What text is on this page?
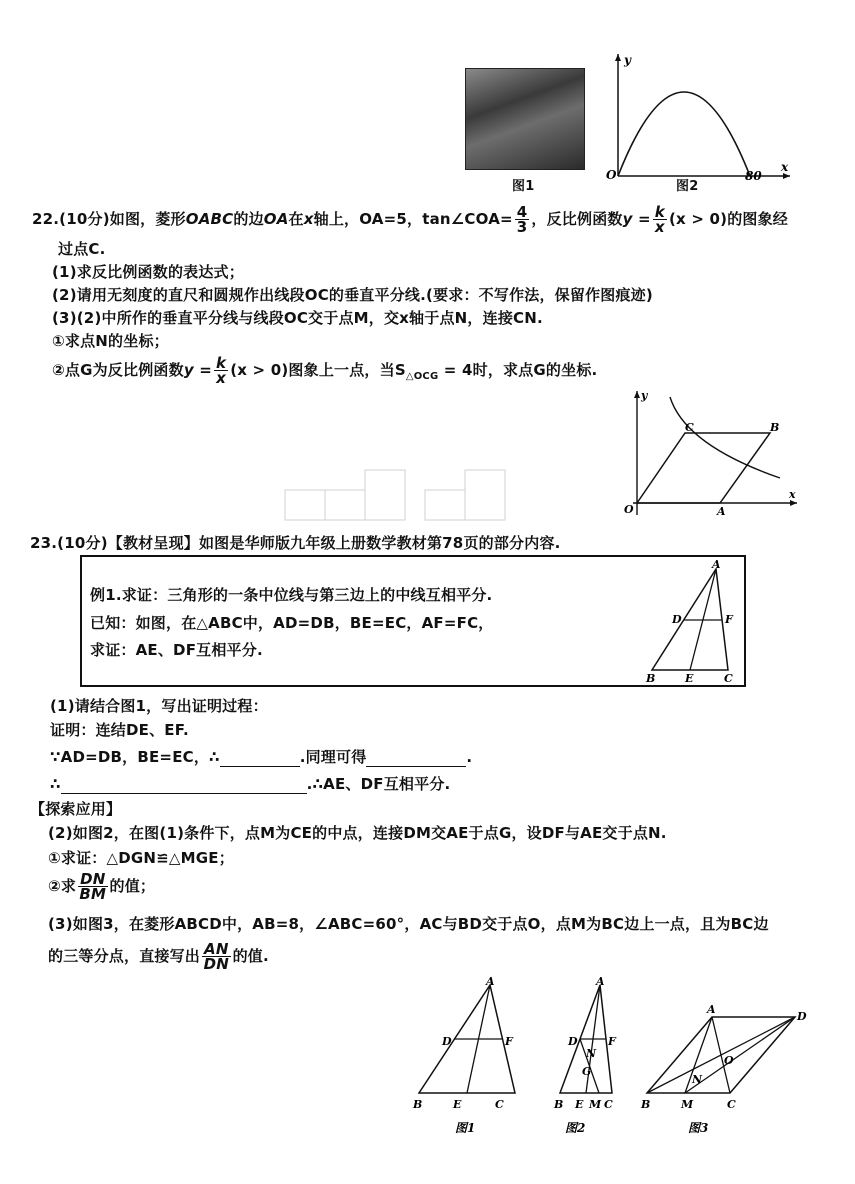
图1
y
x
O	80
图2
22.(10分)如图，菱形OABC的边OA在x轴上，OA=5，tan∠COA= $\frac{4}{3}$ ，反比例函数$y = \frac{k}{x} (x > 0)$的图象经
过点C.
(1)求反比例函数的表达式；
(2)请用无刻度的直尺和圆规作出线段OC的垂直平分线.(要求：不写作法，保留作图痕迹)
(3)(2)中所作的垂直平分线与线段OC交于点M，交x轴于点N，连接CN.
①求点N的坐标；
②点G为反比例函数$y = \frac{k}{x} (x > 0)$图象上一点，当$S_{\triangle OCG} = 4$时，求点G的坐标.
y
x
O	A
B
C
23.(10分)【教材呈现】如图是华师版九年级上册数学教材第78页的部分内容.
例1.求证：三角形的一条中位线与第三边上的中线互相平分.
已知：如图，在△ABC中，AD=DB，BE=EC，AF=FC，
求证：AE、DF互相平分.
A
D	F
B	E	C
(1)请结合图1，写出证明过程：
证明：连结DE、EF.
∵AD=DB，BE=EC，∴	.同理可得	.
∴	.∴AE、DF互相平分.
【探索应用】
(2)如图2，在图(1)条件下，点M为CE的中点，连接DM交AE于点G，设DF与AE交于点N.
①求证：△DGN≌△MGE；
②求 $\frac{DN}{BM}$ 的值；
(3)如图3，在菱形ABCD中，AB=8，∠ABC=60°，AC与BD交于点O，点M为BC边上一点，且为BC边
的三等分点，直接写出 $\frac{AN}{DN}$ 的值.
A
D	F
B	E	C
A
D	F
N
G
B E M C
A
D
O
N
B	M	C
图1	图2	图3
